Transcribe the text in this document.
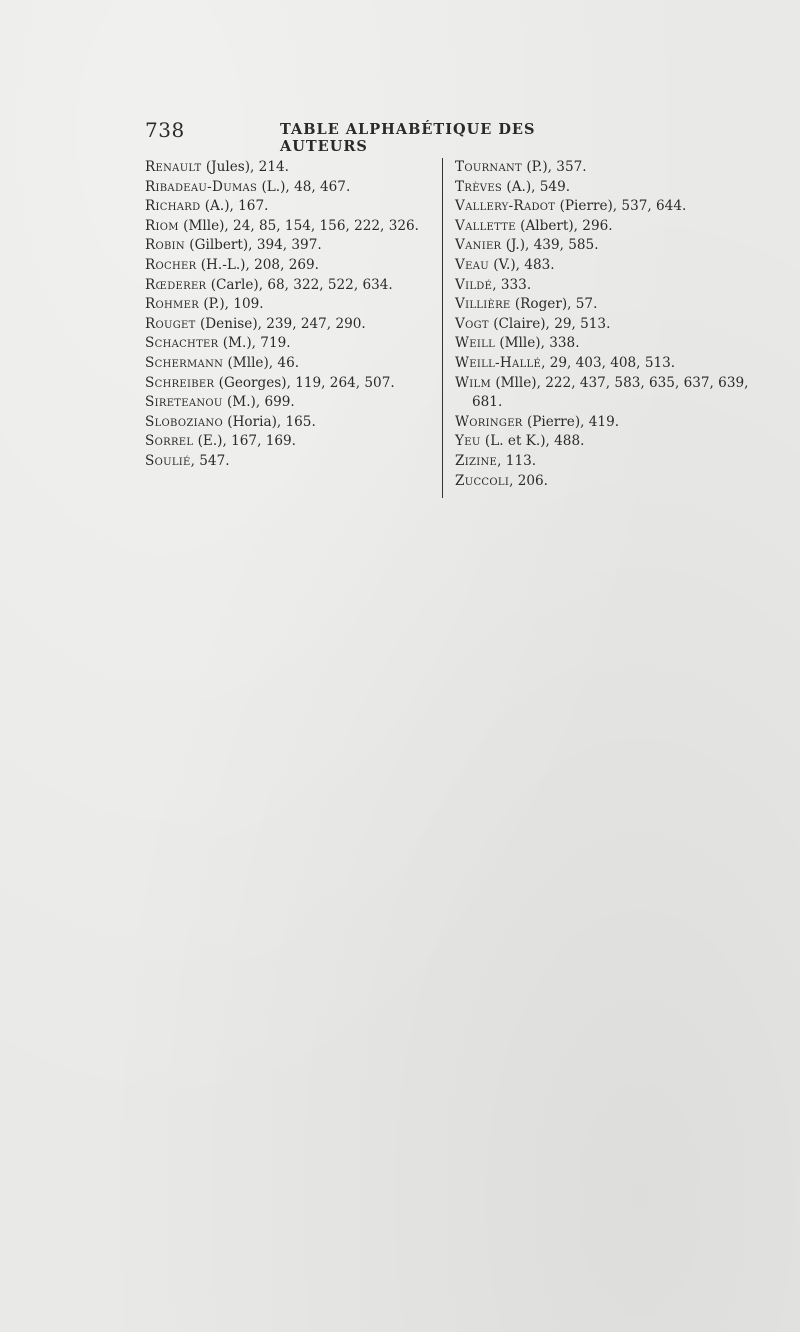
738	TABLE ALPHABÉTIQUE DES AUTEURS

Renault (Jules), 214.

Ribadeau-Dumas (L.), 48, 467.

Richard (A.), 167.

Riom (Mlle), 24, 85, 154, 156, 222, 326.

Robin (Gilbert), 394, 397.

Rocher (H.-L.), 208, 269.

Rœderer (Carle), 68, 322, 522, 634.

Rohmer (P.), 109.

Rouget (Denise), 239, 247, 290.

Schachter (M.), 719.

Schermann (Mlle), 46.

Schreiber (Georges), 119, 264, 507.

Sireteanou (M.), 699.

Sloboziano (Horia), 165.

Sorrel (E.), 167, 169.

Soulié, 547.

Tournant (P.), 357.

Trèves (A.), 549.

Vallery-Radot (Pierre), 537, 644.

Vallette (Albert), 296.

Vanier (J.), 439, 585.

Veau (V.), 483.

Vildé, 333.

Villière (Roger), 57.

Vogt (Claire), 29, 513.

Weill (Mlle), 338.

Weill-Hallé, 29, 403, 408, 513.

Wilm (Mlle), 222, 437, 583, 635, 637, 639, 681.

Woringer (Pierre), 419.

Yeu (L. et K.), 488.

Zizine, 113.

Zuccoli, 206.
